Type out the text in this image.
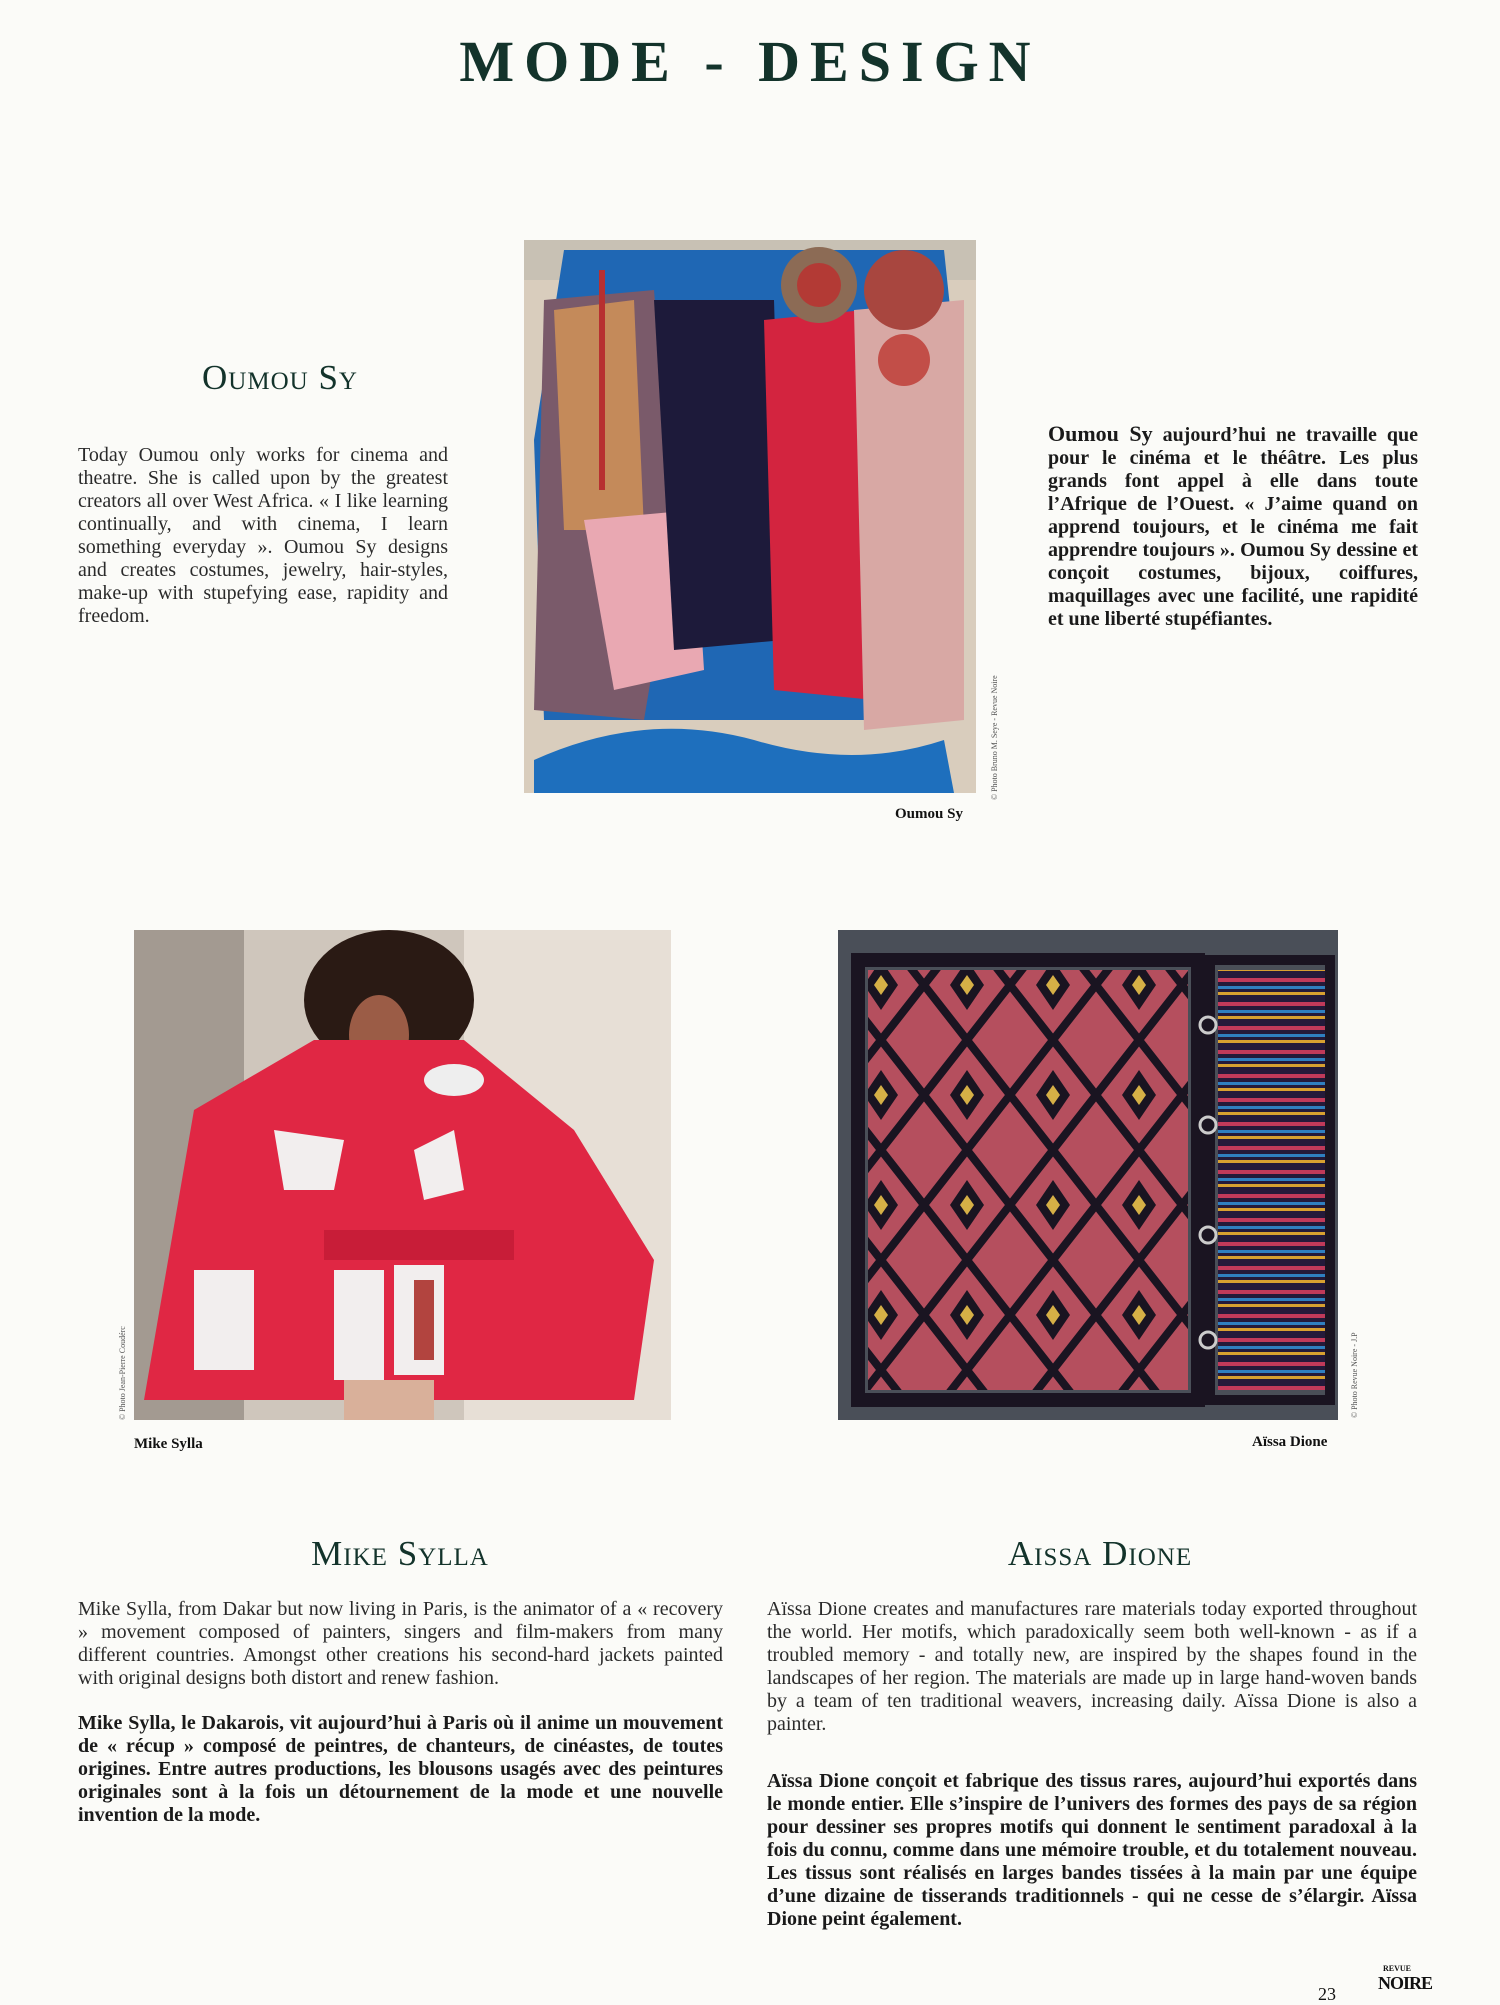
MODE - DESIGN
Oumou Sy
Today Oumou only works for cinema and theatre. She is called upon by the greatest creators all over West Africa. « I like learning continually, and with cinema, I learn something everyday ». Oumou Sy designs and creates costumes, jewelry, hair-styles, make-up with stupefying ease, rapidity and freedom.
© Photo Bruno M. Seye - Revue Noire
Oumou Sy
Oumou Sy aujourd’hui ne travaille que pour le cinéma et le théâtre. Les plus grands font appel à elle dans toute l’Afrique de l’Ouest. « J’aime quand on apprend toujours, et le cinéma me fait apprendre toujours ». Oumou Sy dessine et conçoit costumes, bijoux, coiffures, maquillages avec une facilité, une rapidité et une liberté stupéfiantes.
© Photo Jean-Pierre Coudérc
Mike Sylla
© Photo Revue Noire - J.P
Aïssa Dione
Mike Sylla
Mike Sylla, from Dakar but now living in Paris, is the animator of a « recovery » movement composed of painters, singers and film-makers from many different countries. Amongst other creations his second-hard jackets painted with original designs both distort and renew fashion.
Mike Sylla, le Dakarois, vit aujourd’hui à Paris où il anime un mouvement de « récup » composé de peintres, de chanteurs, de cinéastes, de toutes origines. Entre autres productions, les blousons usagés avec des peintures originales sont à la fois un détournement de la mode et une nouvelle invention de la mode.
Aissa Dione
Aïssa Dione creates and manufactures rare materials today exported throughout the world. Her motifs, which paradoxically seem both well-known - as if a troubled memory - and totally new, are inspired by the shapes found in the landscapes of her region. The materials are made up in large hand-woven bands by a team of ten traditional weavers, increasing daily. Aïssa Dione is also a painter.
Aïssa Dione conçoit et fabrique des tissus rares, aujourd’hui exportés dans le monde entier. Elle s’inspire de l’univers des formes des pays de sa région pour dessiner ses propres motifs qui donnent le sentiment paradoxal à la fois du connu, comme dans une mémoire trouble, et du totalement nouveau. Les tissus sont réalisés en larges bandes tissées à la main par une équipe d’une dizaine de tisserands traditionnels - qui ne cesse de s’élargir. Aïssa Dione peint également.
23
REVUE
NOIRE
